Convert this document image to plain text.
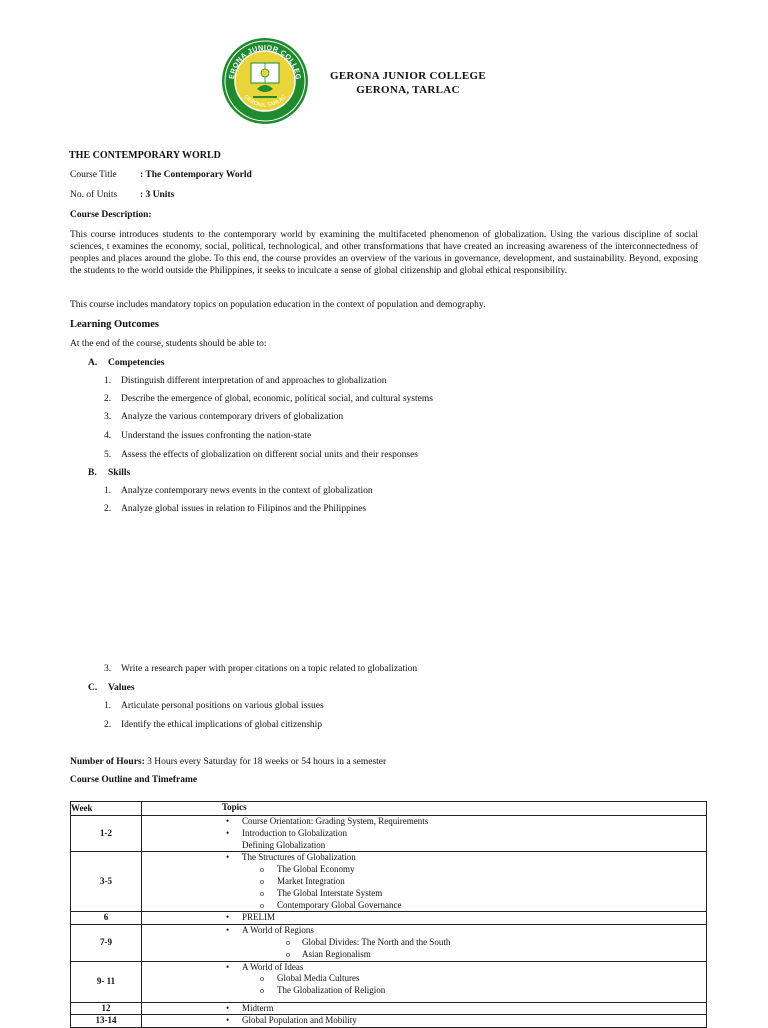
ERONA JUNIOR COLLEG
GERONA, TARLAC
GERONA JUNIOR COLLEGE
GERONA, TARLAC
THE CONTEMPORARY WORLD
Course Title : The Contemporary World
No. of Units : 3 Units
Course Description:
This course introduces students to the contemporary world by examining the multifaceted phenomenon of globalization. Using the various discipline of social sciences, t examines the economy, social, political, technological, and other transformations that have created an increasing awareness of the interconnectedness of peoples and places around the globe. To this end, the course provides an overview of the various in governance, development, and sustainability. Beyond, exposing the students to the world outside the Philippines, it seeks to inculcate a sense of global citizenship and global ethical responsibility.
This course includes mandatory topics on population education in the context of population and demography.
Learning Outcomes
At the end of the course, students should be able to:
A. Competencies
1. Distinguish different interpretation of and approaches to globalization
2. Describe the emergence of global, economic, political social, and cultural systems
3. Analyze the various contemporary drivers of globalization
4. Understand the issues confronting the nation-state
5. Assess the effects of globalization on different social units and their responses
B. Skills
1. Analyze contemporary news events in the context of globalization
2. Analyze global issues in relation to Filipinos and the Philippines
3. Write a research paper with proper citations on a topic related to globalization
C. Values
1. Articulate personal positions on various global issues
2. Identify the ethical implications of global citizenship
Number of Hours: 3 Hours every Saturday for 18 weeks or 54 hours in a semester
Course Outline and Timeframe
Week	Topics
1-2	• Course Orientation: Grading System, Requirements
• Introduction to Globalization
Defining Globalization

3-5	• The Structures of Globalization
o The Global Economy
o Market Integration
o The Global Interstate System
o Contemporary Global Governance

6	• PRELIM

7-9	• A World of Regions
o Global Divides: The North and the South
o Asian Regionalism

9- 11	• A World of Ideas
o Global Media Cultures
o The Globalization of Religion

12	• Midterm

13-14	• Global Population and Mobility
